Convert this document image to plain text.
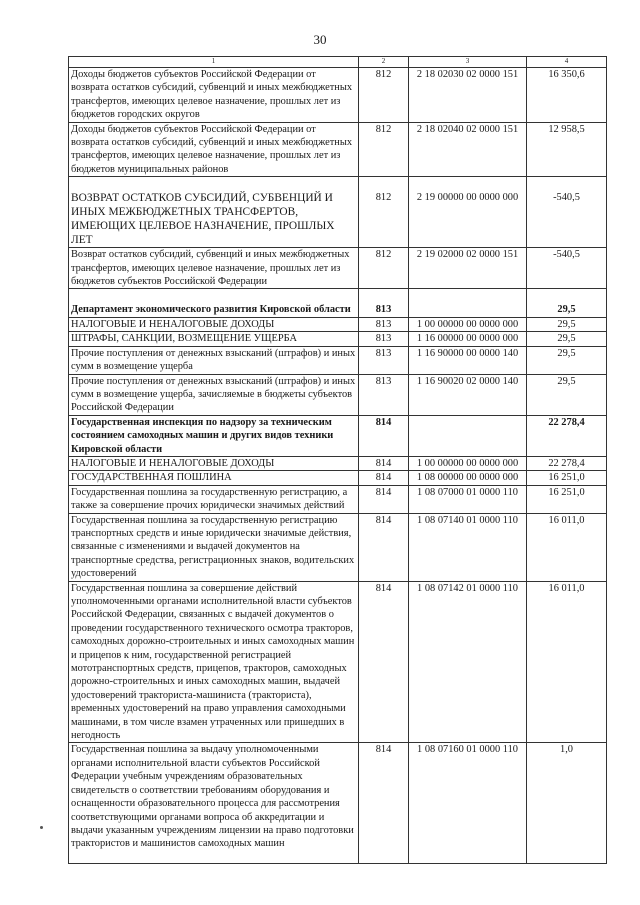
30
1	2	3	4
Доходы бюджетов субъектов Российской Федерации от возврата остатков субсидий, субвенций и иных межбюджетных трансфертов, имеющих целевое назначение, прошлых лет из бюджетов городских округов	812	2 18 02030 02 0000 151	16 350,6
Доходы бюджетов субъектов Российской Федерации от возврата остатков субсидий, субвенций и иных межбюджетных трансфертов, имеющих целевое назначение, прошлых лет из бюджетов муниципальных районов	812	2 18 02040 02 0000 151	12 958,5
ВОЗВРАТ ОСТАТКОВ СУБСИДИЙ, СУБВЕНЦИЙ И ИНЫХ МЕЖБЮДЖЕТНЫХ ТРАНСФЕРТОВ, ИМЕЮЩИХ ЦЕЛЕВОЕ НАЗНАЧЕНИЕ, ПРОШЛЫХ ЛЕТ	812	2 19 00000 00 0000 000	-540,5
Возврат остатков субсидий, субвенций и иных межбюджетных трансфертов, имеющих целевое назначение, прошлых лет из бюджетов субъектов Российской Федерации	812	2 19 02000 02 0000 151	-540,5
Департамент экономического развития Кировской области	813		29,5
НАЛОГОВЫЕ И НЕНАЛОГОВЫЕ ДОХОДЫ	813	1 00 00000 00 0000 000	29,5
ШТРАФЫ, САНКЦИИ, ВОЗМЕЩЕНИЕ УЩЕРБА	813	1 16 00000 00 0000 000	29,5
Прочие поступления от денежных взысканий (штрафов) и иных сумм в возмещение ущерба	813	1 16 90000 00 0000 140	29,5
Прочие поступления от денежных взысканий (штрафов) и иных сумм в возмещение ущерба, зачисляемые в бюджеты субъектов Российской Федерации	813	1 16 90020 02 0000 140	29,5
Государственная инспекция по надзору за техническим состоянием самоходных машин и других видов техники Кировской области	814		22 278,4
НАЛОГОВЫЕ И НЕНАЛОГОВЫЕ ДОХОДЫ	814	1 00 00000 00 0000 000	22 278,4
ГОСУДАРСТВЕННАЯ ПОШЛИНА	814	1 08 00000 00 0000 000	16 251,0
Государственная пошлина за государственную регистрацию, а также за совершение прочих юридически значимых действий	814	1 08 07000 01 0000 110	16 251,0
Государственная пошлина за государственную регистрацию транспортных средств и иные юридически значимые действия, связанные с изменениями и выдачей документов на транспортные средства, регистрационных знаков, водительских удостоверений	814	1 08 07140 01 0000 110	16 011,0
Государственная пошлина за совершение действий уполномоченными органами исполнительной власти субъектов Российской Федерации, связанных с выдачей документов о проведении государственного технического осмотра тракторов, самоходных дорожно-строительных и иных самоходных машин и прицепов к ним, государственной регистрацией мототранспортных средств, прицепов, тракторов, самоходных дорожно-строительных и иных самоходных машин, выдачей удостоверений тракториста-машиниста (тракториста), временных удостоверений на право управления самоходными машинами, в том числе взамен утраченных или пришедших в негодность	814	1 08 07142 01 0000 110	16 011,0
Государственная пошлина за выдачу уполномоченными органами исполнительной власти субъектов Российской Федерации учебным учреждениям образовательных свидетельств о соответствии требованиям оборудования и оснащенности образовательного процесса для рассмотрения соответствующими органами вопроса об аккредитации и выдачи указанным учреждениям лицензии на право подготовки трактористов и машинистов самоходных машин	814	1 08 07160 01 0000 110	1,0
